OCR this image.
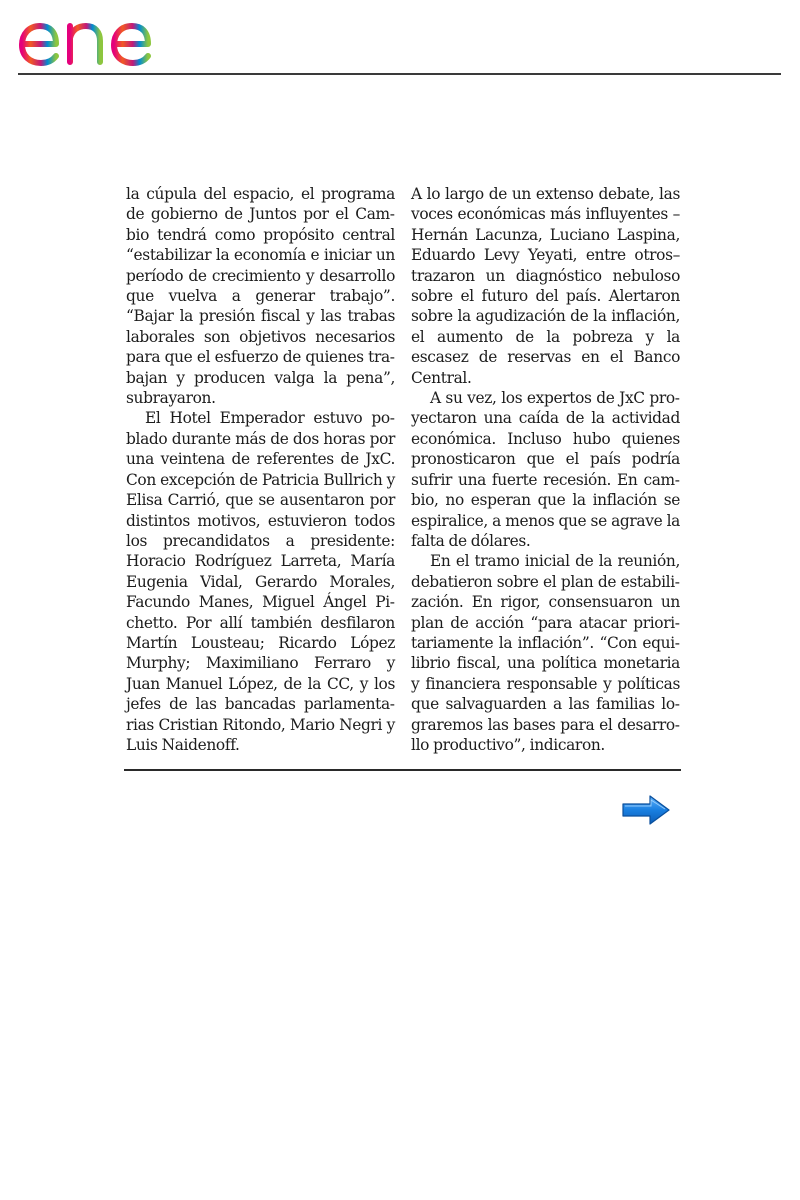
la cúpula del espacio, el programa de gobierno de Juntos por el Cambio tendrá como propósito central “estabilizar la economía e iniciar un período de crecimiento y desarrollo que vuelva a generar trabajo”. “Bajar la presión fiscal y las trabas laborales son objetivos necesarios para que el esfuerzo de quienes trabajan y producen valga la pena”, subrayaron.

El Hotel Emperador estuvo poblado durante más de dos horas por una veintena de referentes de JxC. Con excepción de Patricia Bullrich y Elisa Carrió, que se ausentaron por distintos motivos, estuvieron todos los precandidatos a presidente: Horacio Rodríguez Larreta, María Eugenia Vidal, Gerardo Morales, Facundo Manes, Miguel Ángel Pichetto. Por allí también desfilaron Martín Lousteau; Ricardo López Murphy; Maximiliano Ferraro y Juan Manuel López, de la CC, y los jefes de las bancadas parlamentarias Cristian Ritondo, Mario Negri y Luis Naidenoff.

A lo largo de un extenso debate, las voces económicas más influyentes –Hernán Lacunza, Luciano Laspina, Eduardo Levy Yeyati, entre otros– trazaron un diagnóstico nebuloso sobre el futuro del país. Alertaron sobre la agudización de la inflación, el aumento de la pobreza y la escasez de reservas en el Banco Central.

A su vez, los expertos de JxC proyectaron una caída de la actividad económica. Incluso hubo quienes pronosticaron que el país podría sufrir una fuerte recesión. En cambio, no esperan que la inflación se espiralice, a menos que se agrave la falta de dólares.

En el tramo inicial de la reunión, debatieron sobre el plan de estabilización. En rigor, consensuaron un plan de acción “para atacar prioritariamente la inflación”. “Con equilibrio fiscal, una política monetaria y financiera responsable y políticas que salvaguarden a las familias lograremos las bases para el desarrollo productivo”, indicaron.
